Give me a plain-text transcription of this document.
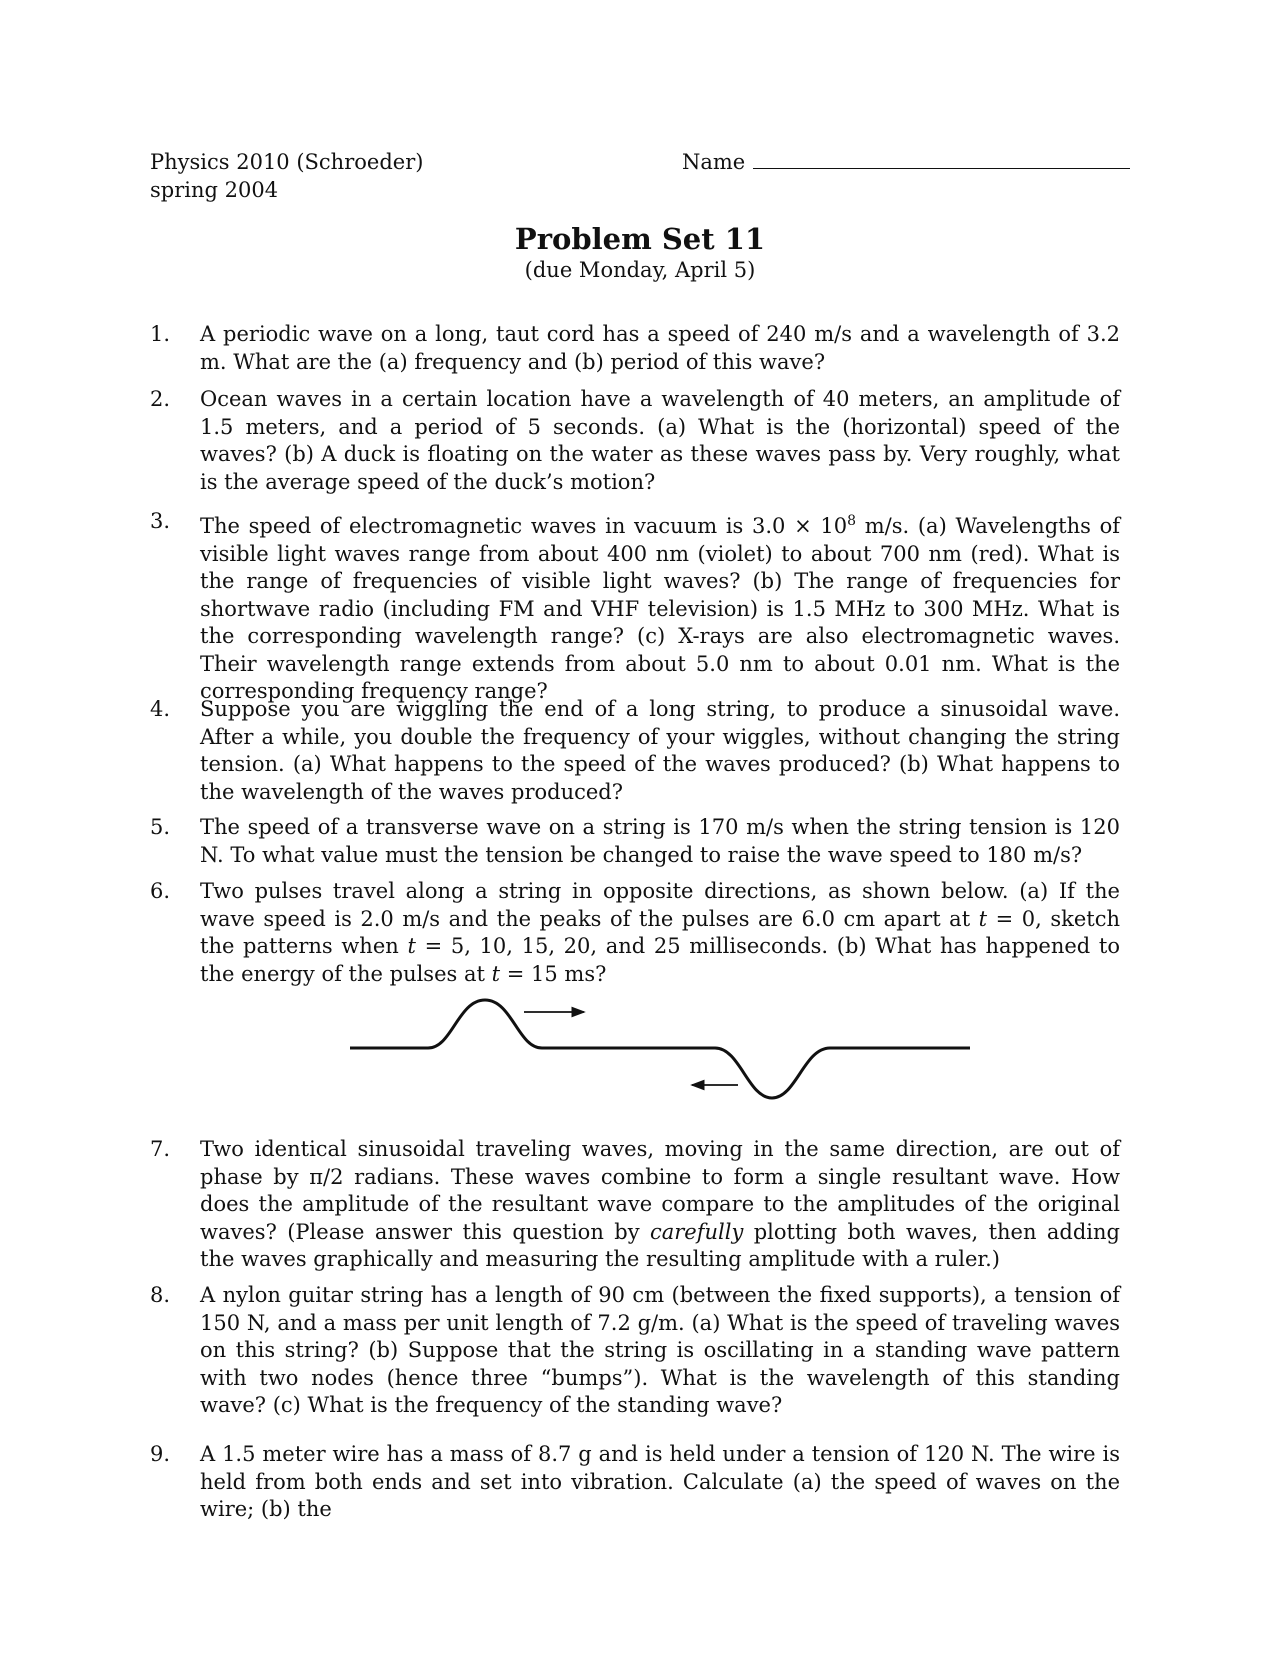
Physics 2010 (Schroeder)
spring 2004
Name
Problem Set 11
(due Monday, April 5)
1.	A periodic wave on a long, taut cord has a speed of 240 m/s and a wavelength of 3.2 m. What are the (a) frequency and (b) period of this wave?
2.	Ocean waves in a certain location have a wavelength of 40 meters, an amplitude of 1.5 meters, and a period of 5 seconds. (a) What is the (horizontal) speed of the waves? (b) A duck is floating on the water as these waves pass by. Very roughly, what is the average speed of the duck’s motion?
3.	The speed of electromagnetic waves in vacuum is $3.0 \times 10^8$ m/s. (a) Wavelengths of visible light waves range from about 400 nm (violet) to about 700 nm (red). What is the range of frequencies of visible light waves? (b) The range of frequencies for shortwave radio (including FM and VHF television) is 1.5 MHz to 300 MHz. What is the corresponding wavelength range? (c) X-rays are also electromagnetic waves. Their wavelength range extends from about 5.0 nm to about 0.01 nm. What is the corresponding frequency range?
4.	Suppose you are wiggling the end of a long string, to produce a sinusoidal wave. After a while, you double the frequency of your wiggles, without changing the string tension. (a) What happens to the speed of the waves produced? (b) What happens to the wavelength of the waves produced?
5.	The speed of a transverse wave on a string is 170 m/s when the string tension is 120 N. To what value must the tension be changed to raise the wave speed to 180 m/s?
6.	Two pulses travel along a string in opposite directions, as shown below. (a) If the wave speed is 2.0 m/s and the peaks of the pulses are 6.0 cm apart at t = 0, sketch the patterns when t = 5, 10, 15, 20, and 25 milliseconds. (b) What has happened to the energy of the pulses at t = 15 ms?
7.	Two identical sinusoidal traveling waves, moving in the same direction, are out of phase by π/2 radians. These waves combine to form a single resultant wave. How does the amplitude of the resultant wave compare to the amplitudes of the original waves? (Please answer this question by carefully plotting both waves, then adding the waves graphically and measuring the resulting amplitude with a ruler.)
8.	A nylon guitar string has a length of 90 cm (between the fixed supports), a tension of 150 N, and a mass per unit length of 7.2 g/m. (a) What is the speed of traveling waves on this string? (b) Suppose that the string is oscillating in a standing wave pattern with two nodes (hence three “bumps”). What is the wavelength of this standing wave? (c) What is the frequency of the standing wave?
9.	A 1.5 meter wire has a mass of 8.7 g and is held under a tension of 120 N. The wire is held from both ends and set into vibration. Calculate (a) the speed of waves on the wire; (b) the
